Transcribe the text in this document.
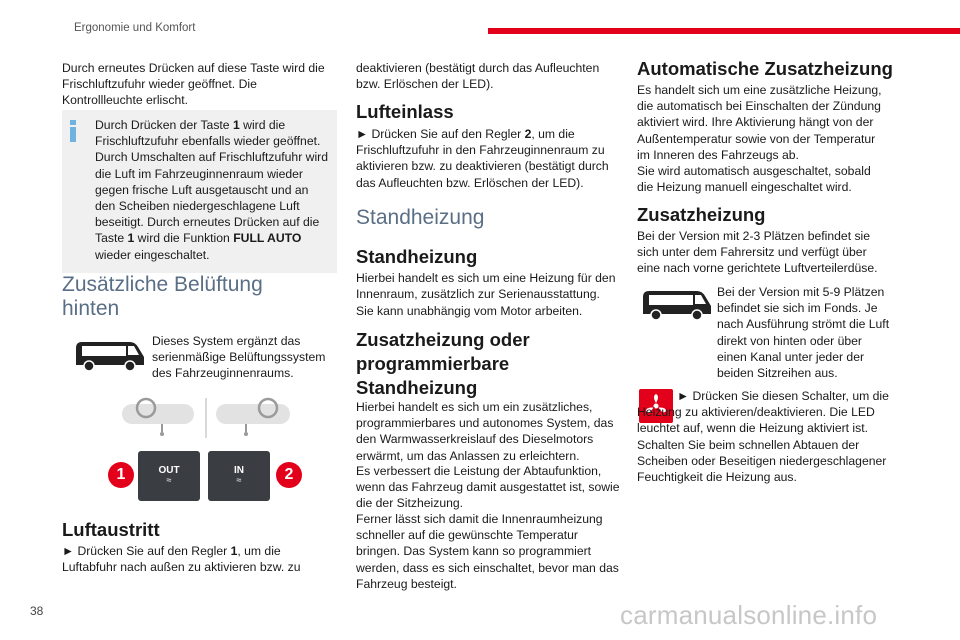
Ergonomie und Komfort

Durch erneutes Drücken auf diese Taste wird die Frischluftzufuhr wieder geöffnet. Die Kontrollleuchte erlischt.

Durch Drücken der Taste 1 wird die Frischluftzufuhr ebenfalls wieder geöffnet. Durch Umschalten auf Frischluftzufuhr wird die Luft im Fahrzeuginnenraum wieder gegen frische Luft ausgetauscht und an den Scheiben niedergeschlagene Luft beseitigt. Durch erneutes Drücken auf die Taste 1 wird die Funktion FULL AUTO wieder eingeschaltet.
Zusätzliche Belüftung hinten

Dieses System ergänzt das serienmäßige Belüftungssystem des Fahrzeuginnenraums.

1	OUT
≈
IN
≈	2
Luftaustritt

► Drücken Sie auf den Regler 1, um die Luftabfuhr nach außen zu aktivieren bzw. zu

deaktivieren (bestätigt durch das Aufleuchten bzw. Erlöschen der LED).

Lufteinlass

► Drücken Sie auf den Regler 2, um die Frischluftzufuhr in den Fahrzeuginnenraum zu aktivieren bzw. zu deaktivieren (bestätigt durch das Aufleuchten bzw. Erlöschen der LED).

Standheizung
Standheizung

Hierbei handelt es sich um eine Heizung für den Innenraum, zusätzlich zur Serienausstattung.

Sie kann unabhängig vom Motor arbeiten.

Zusatzheizung oder programmierbare Standheizung

Hierbei handelt es sich um ein zusätzliches, programmierbares und autonomes System, das den Warmwasserkreislauf des Dieselmotors erwärmt, um das Anlassen zu erleichtern.

Es verbessert die Leistung der Abtaufunktion, wenn das Fahrzeug damit ausgestattet ist, sowie die der Sitzheizung.

Ferner lässt sich damit die Innenraumheizung schneller auf die gewünschte Temperatur bringen. Das System kann so programmiert werden, dass es sich einschaltet, bevor man das Fahrzeug besteigt.

Automatische Zusatzheizung

Es handelt sich um eine zusätzliche Heizung, die automatisch bei Einschalten der Zündung aktiviert wird. Ihre Aktivierung hängt von der Außentemperatur sowie von der Temperatur im Inneren des Fahrzeugs ab.

Sie wird automatisch ausgeschaltet, sobald die Heizung manuell eingeschaltet wird.

Zusatzheizung

Bei der Version mit 2-3 Plätzen befindet sie sich unter dem Fahrersitz und verfügt über eine nach vorne gerichtete Luftverteilerdüse.

Bei der Version mit 5-9 Plätzen befindet sie sich im Fonds. Je nach Ausführung strömt die Luft direkt von hinten oder über einen Kanal unter jeder der beiden Sitzreihen aus.

► Drücken Sie diesen Schalter, um die Heizung zu aktivieren/deaktivieren. Die LED leuchtet auf, wenn die Heizung aktiviert ist.

Schalten Sie beim schnellen Abtauen der Scheiben oder Beseitigen niedergeschlagener Feuchtigkeit die Heizung aus.

38	carmanualsonline.info
